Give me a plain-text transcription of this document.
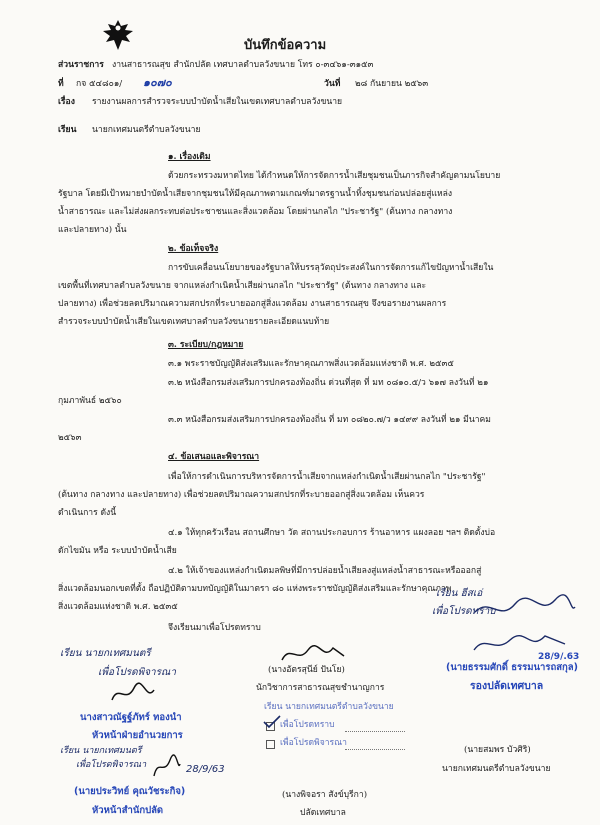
บันทึกข้อความ
ส่วนราชการ งานสาธารณสุข สำนักปลัด เทศบาลตำบลวังขนาย โทร ๐-๓๔๖๑-๓๑๕๓
ที่ กจ ๕๔๘๐๑/ ๑๐๗๐	วันที่ ๒๘ กันยายน ๒๕๖๓
เรื่อง รายงานผลการสำรวจระบบบำบัดน้ำเสียในเขตเทศบาลตำบลวังขนาย
เรียน นายกเทศมนตรีตำบลวังขนาย
๑. เรื่องเดิม
ด้วยกระทรวงมหาดไทย ได้กำหนดให้การจัดการน้ำเสียชุมชนเป็นภารกิจสำคัญตามนโยบาย
รัฐบาล โดยมีเป้าหมายบำบัดน้ำเสียจากชุมชนให้มีคุณภาพตามเกณฑ์มาตรฐานน้ำทิ้งชุมชนก่อนปล่อยสู่แหล่ง
น้ำสาธารณะ และไม่ส่งผลกระทบต่อประชาชนและสิ่งแวดล้อม โดยผ่านกลไก "ประชารัฐ" (ต้นทาง กลางทาง
และปลายทาง) นั้น
๒. ข้อเท็จจริง
การขับเคลื่อนนโยบายของรัฐบาลให้บรรลุวัตถุประสงค์ในการจัดการแก้ไขปัญหาน้ำเสียใน
เขตพื้นที่เทศบาลตำบลวังขนาย จากแหล่งกำเนิดน้ำเสียผ่านกลไก "ประชารัฐ" (ต้นทาง กลางทาง และ
ปลายทาง) เพื่อช่วยลดปริมาณความสกปรกที่ระบายออกสู่สิ่งแวดล้อม งานสาธารณสุข จึงขอรายงานผลการ
สำรวจระบบบำบัดน้ำเสียในเขตเทศบาลตำบลวังขนายรายละเอียดแนบท้าย
๓. ระเบียบ/กฎหมาย
๓.๑ พระราชบัญญัติส่งเสริมและรักษาคุณภาพสิ่งแวดล้อมแห่งชาติ พ.ศ. ๒๕๓๕
๓.๒ หนังสือกรมส่งเสริมการปกครองท้องถิ่น ด่วนที่สุด ที่ มท ๐๘๑๐.๕/ว ๖๑๗ ลงวันที่ ๒๑
กุมภาพันธ์ ๒๕๖๐
๓.๓ หนังสือกรมส่งเสริมการปกครองท้องถิ่น ที่ มท ๐๘๒๐.๗/ว ๑๔๙๙ ลงวันที่ ๒๑ มีนาคม
๒๕๖๓
๔. ข้อเสนอและพิจารณา
เพื่อให้การดำเนินการบริหารจัดการน้ำเสียจากแหล่งกำเนิดน้ำเสียผ่านกลไก "ประชารัฐ"
(ต้นทาง กลางทาง และปลายทาง) เพื่อช่วยลดปริมาณความสกปรกที่ระบายออกสู่สิ่งแวดล้อม เห็นควร
ดำเนินการ ดังนี้
๔.๑ ให้ทุกครัวเรือน สถานศึกษา วัด สถานประกอบการ ร้านอาหาร แผงลอย ฯลฯ ติดตั้งบ่อ
ดักไขมัน หรือ ระบบบำบัดน้ำเสีย
๔.๒ ให้เจ้าของแหล่งกำเนิดมลพิษที่มีการปล่อยน้ำเสียลงสู่แหล่งน้ำสาธารณะหรือออกสู่
สิ่งแวดล้อมนอกเขตที่ตั้ง ถือปฏิบัติตามบทบัญญัติในมาตรา ๘๐ แห่งพระราชบัญญัติส่งเสริมและรักษาคุณภาพ
สิ่งแวดล้อมแห่งชาติ พ.ศ. ๒๕๓๕
จึงเรียนมาเพื่อโปรดทราบ
เรียน ฮีสเอ่
เพื่อโปรดทราบ
(นางอัตรสุนีย์ ปันโย)
นักวิชาการสาธารณสุขชำนาญการ
เรียน นายกเทศมนตรีตำบลวังขนาย
เพื่อโปรดทราบ
เพื่อโปรดพิจารณา
(นายธรรมศักดิ์ ธรรมนารถสกุล)
28/9/.63
รองปลัดเทศบาล
(นายสมพร บัวศิริ)
นายกเทศมนตรีตำบลวังขนาย
(นางพิจอรา สังข์บุรีกา)
ปลัดเทศบาล
เรียน นายกเทศมนตรี
เพื่อโปรดพิจารณา
นางสาวณัฐฐ์ภัทร์ ทองนำ
หัวหน้าฝ่ายอำนวยการ
เรียน นายกเทศมนตรี
เพื่อโปรดพิจารณา	28/9/63
(นายประวิทย์ คุณวัชระกิจ)
หัวหน้าสำนักปลัด
